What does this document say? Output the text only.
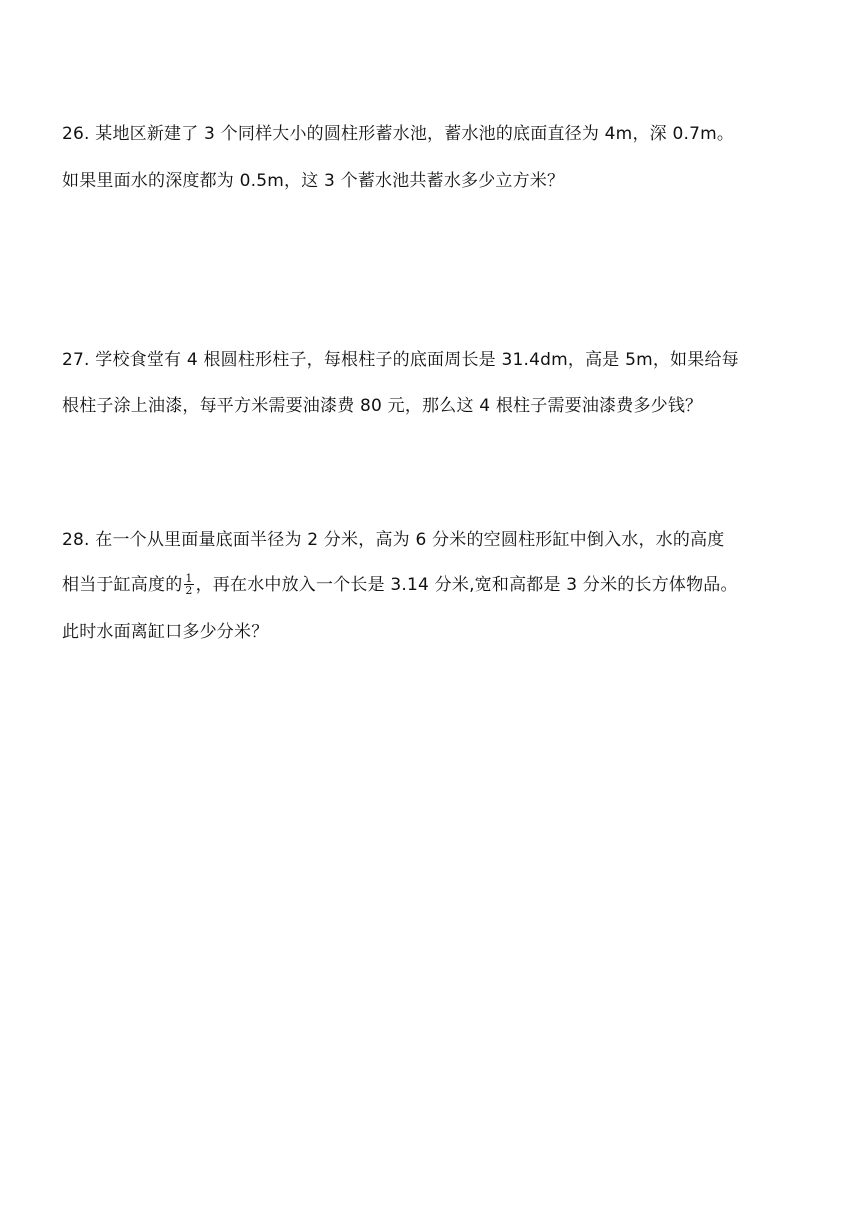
26. 某地区新建了 3 个同样大小的圆柱形蓄水池，蓄水池的底面直径为 4m，深 0.7m。
如果里面水的深度都为 0.5m，这 3 个蓄水池共蓄水多少立方米？
27. 学校食堂有 4 根圆柱形柱子，每根柱子的底面周长是 31.4dm，高是 5m，如果给每
根柱子涂上油漆，每平方米需要油漆费 80 元，那么这 4 根柱子需要油漆费多少钱？
28. 在一个从里面量底面半径为 2 分米，高为 6 分米的空圆柱形缸中倒入水，水的高度
相当于缸高度的 $\frac{1}{2}$ ，再在水中放入一个长是 3.14 分米,宽和高都是 3 分米的长方体物品。
此时水面离缸口多少分米？
